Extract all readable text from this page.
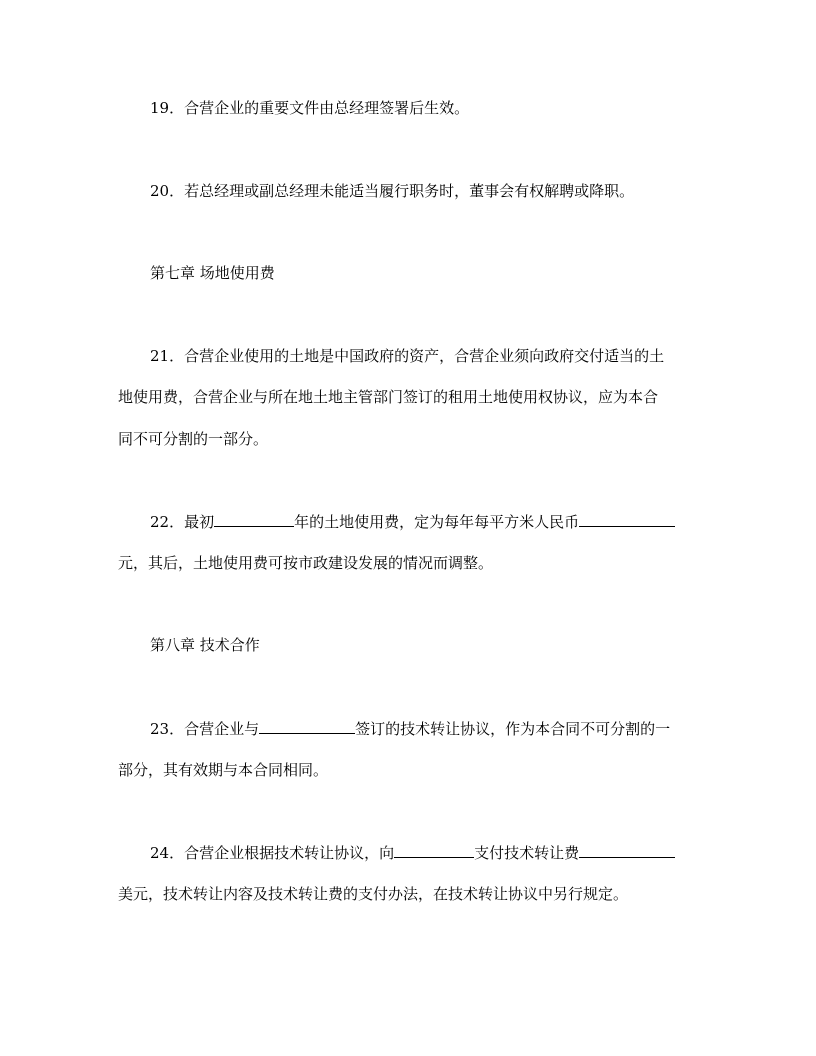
19．合营企业的重要文件由总经理签署后生效。
20．若总经理或副总经理未能适当履行职务时，董事会有权解聘或降职。
第七章 场地使用费
21．合营企业使用的土地是中国政府的资产，合营企业须向政府交付适当的土
地使用费，合营企业与所在地土地主管部门签订的租用土地使用权协议，应为本合
同不可分割的一部分。
22．最初	年的土地使用费，定为每年每平方米人民币
元，其后，土地使用费可按市政建设发展的情况而调整。
第八章 技术合作
23．合营企业与	签订的技术转让协议，作为本合同不可分割的一
部分，其有效期与本合同相同。
24．合营企业根据技术转让协议，向	支付技术转让费
美元，技术转让内容及技术转让费的支付办法，在技术转让协议中另行规定。
